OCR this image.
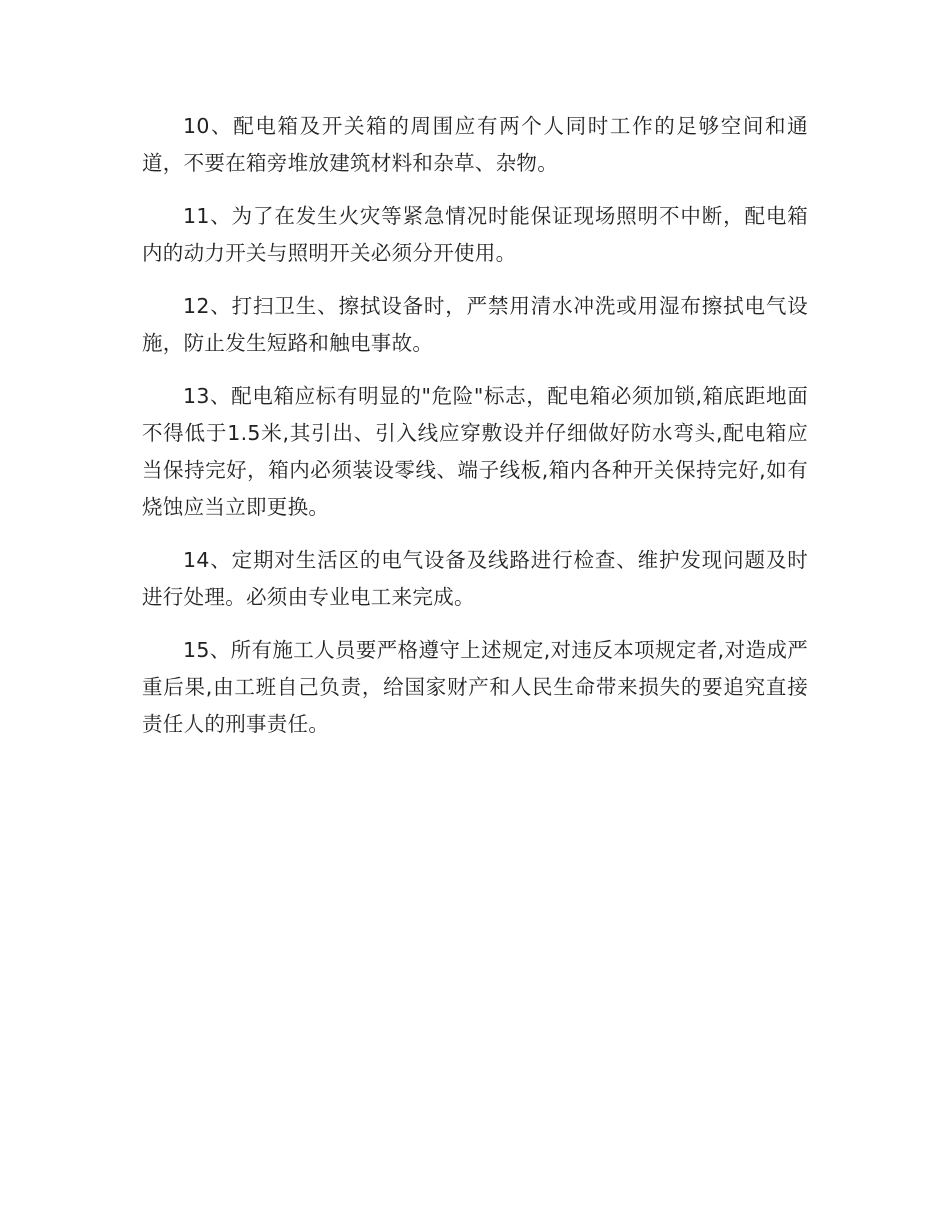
10、配电箱及开关箱的周围应有两个人同时工作的足够空间和通道，不要在箱旁堆放建筑材料和杂草、杂物。

11、为了在发生火灾等紧急情况时能保证现场照明不中断，配电箱内的动力开关与照明开关必须分开使用。

12、打扫卫生、擦拭设备时，严禁用清水冲洗或用湿布擦拭电气设施，防止发生短路和触电事故。

13、配电箱应标有明显的"危险"标志，配电箱必须加锁,箱底距地面不得低于1.5米,其引出、引入线应穿敷设并仔细做好防水弯头,配电箱应当保持完好，箱内必须装设零线、端子线板,箱内各种开关保持完好,如有烧蚀应当立即更换。

14、定期对生活区的电气设备及线路进行检查、维护发现问题及时进行处理。必须由专业电工来完成。

15、所有施工人员要严格遵守上述规定,对违反本项规定者,对造成严重后果,由工班自己负责，给国家财产和人民生命带来损失的要追究直接责任人的刑事责任。
